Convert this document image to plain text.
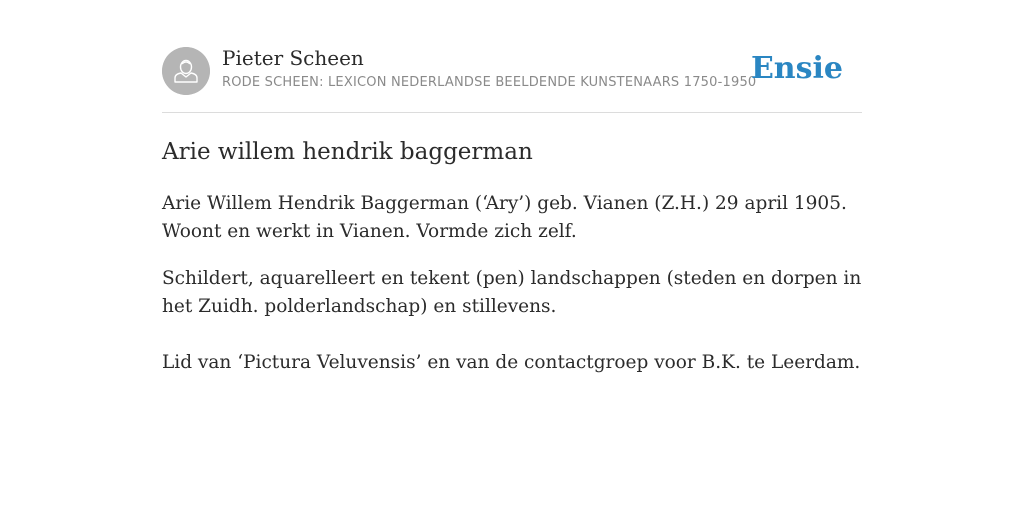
Pieter Scheen
RODE SCHEEN: LEXICON NEDERLANDSE BEELDENDE KUNSTENAARS 1750-1950
Ensie
Arie willem hendrik baggerman

Arie Willem Hendrik Baggerman (‘Ary’) geb. Vianen (Z.H.) 29 april 1905. Woont en werkt in Vianen. Vormde zich zelf.

Schildert, aquarelleert en tekent (pen) landschappen (steden en dorpen in het Zuidh. polderlandschap) en stillevens.

Lid van ‘Pictura Veluvensis’ en van de contactgroep voor B.K. te Leerdam.
